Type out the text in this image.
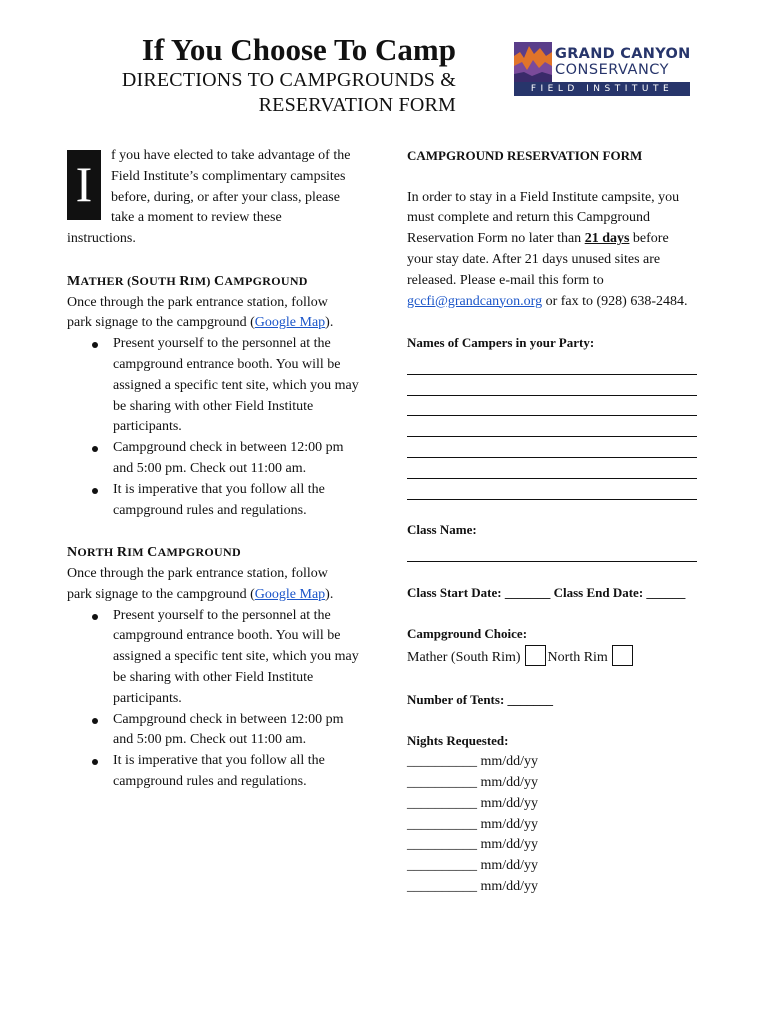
If You Choose To Camp
DIRECTIONS TO CAMPGROUNDS &
RESERVATION FORM
GRAND CANYON
CONSERVANCY
FIELD INSTITUTE
I
f you have elected to take advantage of the
Field Institute’s complimentary campsites
before, during, or after your class, please
take a moment to review these
instructions.
MATHER (SOUTH RIM) CAMPGROUND
Once through the park entrance station, follow
park signage to the campground (Google Map).
Present yourself to the personnel at the campground entrance booth. You will be assigned a specific tent site, which you may be sharing with other Field Institute participants.
Campground check in between 12:00 pm and 5:00 pm. Check out 11:00 am.
It is imperative that you follow all the campground rules and regulations.
NORTH RIM CAMPGROUND
Once through the park entrance station, follow
park signage to the campground (Google Map).
Present yourself to the personnel at the campground entrance booth. You will be assigned a specific tent site, which you may be sharing with other Field Institute participants.
Campground check in between 12:00 pm and 5:00 pm. Check out 11:00 am.
It is imperative that you follow all the campground rules and regulations.
CAMPGROUND RESERVATION FORM
In order to stay in a Field Institute campsite, you
must complete and return this Campground
Reservation Form no later than 21 days before
your stay date. After 21 days unused sites are
released. Please e-mail this form to
gccfi@grandcanyon.org or fax to (928) 638-2484.
Names of Campers in your Party:
Class Name:
Class Start Date: _______ Class End Date: ______
Campground Choice:
Mather (South Rim) North Rim
Number of Tents: _______
Nights Requested:
__________ mm/dd/yy
__________ mm/dd/yy
__________ mm/dd/yy
__________ mm/dd/yy
__________ mm/dd/yy
__________ mm/dd/yy
__________ mm/dd/yy
